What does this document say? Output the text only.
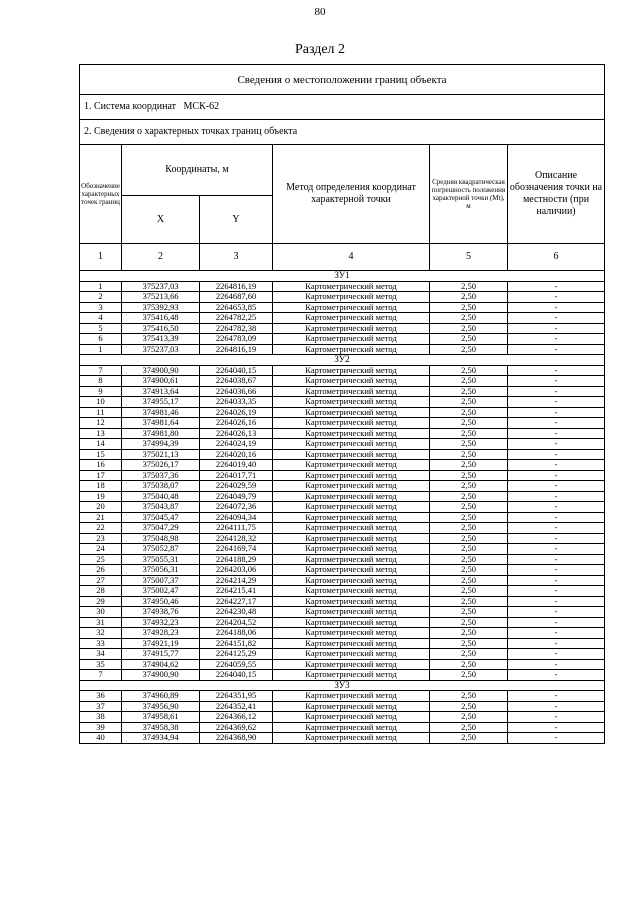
80
Раздел 2
Сведения о местоположении границ объекта					
1. Система координат МСК-62					
2. Сведения о характерных точках границ объекта					
Обозначение характерных точек границ	Координаты, м		Метод определения координат характерной точки	Средняя квадратическая погрешность положения характерной точки (Mt), м	Описание обозначения точки на местности (при наличии)
	X	Y			
1	2	3	4	5	6
ЗУ1					
1	375237,03	2264816,19	Картометрический метод	2,50	-
2	375213,66	2264687,60	Картометрический метод	2,50	-
3	375392,93	2264653,85	Картометрический метод	2,50	-
4	375416,48	2264782,25	Картометрический метод	2,50	-
5	375416,50	2264782,38	Картометрический метод	2,50	-
6	375413,39	2264783,09	Картометрический метод	2,50	-
1	375237,03	2264816,19	Картометрический метод	2,50	-
ЗУ2					
7	374900,90	2264040,15	Картометрический метод	2,50	-
8	374900,61	2264038,67	Картометрический метод	2,50	-
9	374913,64	2264036,66	Картометрический метод	2,50	-
10	374955,17	2264033,35	Картометрический метод	2,50	-
11	374981,46	2264026,19	Картометрический метод	2,50	-
12	374981,64	2264026,16	Картометрический метод	2,50	-
13	374981,80	2264026,13	Картометрический метод	2,50	-
14	374994,39	2264024,19	Картометрический метод	2,50	-
15	375021,13	2264020,16	Картометрический метод	2,50	-
16	375026,17	2264019,40	Картометрический метод	2,50	-
17	375037,36	2264017,71	Картометрический метод	2,50	-
18	375038,07	2264029,59	Картометрический метод	2,50	-
19	375040,48	2264049,79	Картометрический метод	2,50	-
20	375043,87	2264072,36	Картометрический метод	2,50	-
21	375045,47	2264094,34	Картометрический метод	2,50	-
22	375047,29	2264111,75	Картометрический метод	2,50	-
23	375048,98	2264128,32	Картометрический метод	2,50	-
24	375052,87	2264169,74	Картометрический метод	2,50	-
25	375055,31	2264188,29	Картометрический метод	2,50	-
26	375056,31	2264203,06	Картометрический метод	2,50	-
27	375007,37	2264214,29	Картометрический метод	2,50	-
28	375002,47	2264215,41	Картометрический метод	2,50	-
29	374950,46	2264227,17	Картометрический метод	2,50	-
30	374938,76	2264230,48	Картометрический метод	2,50	-
31	374932,23	2264204,52	Картометрический метод	2,50	-
32	374928,23	2264188,06	Картометрический метод	2,50	-
33	374921,19	2264151,82	Картометрический метод	2,50	-
34	374915,77	2264125,29	Картометрический метод	2,50	-
35	374904,62	2264059,55	Картометрический метод	2,50	-
7	374900,90	2264040,15	Картометрический метод	2,50	-
ЗУ3					
36	374960,89	2264351,95	Картометрический метод	2,50	-
37	374956,90	2264352,41	Картометрический метод	2,50	-
38	374958,61	2264366,12	Картометрический метод	2,50	-
39	374958,38	2264369,62	Картометрический метод	2,50	-
40	374934,94	2264368,90	Картометрический метод	2,50	-
